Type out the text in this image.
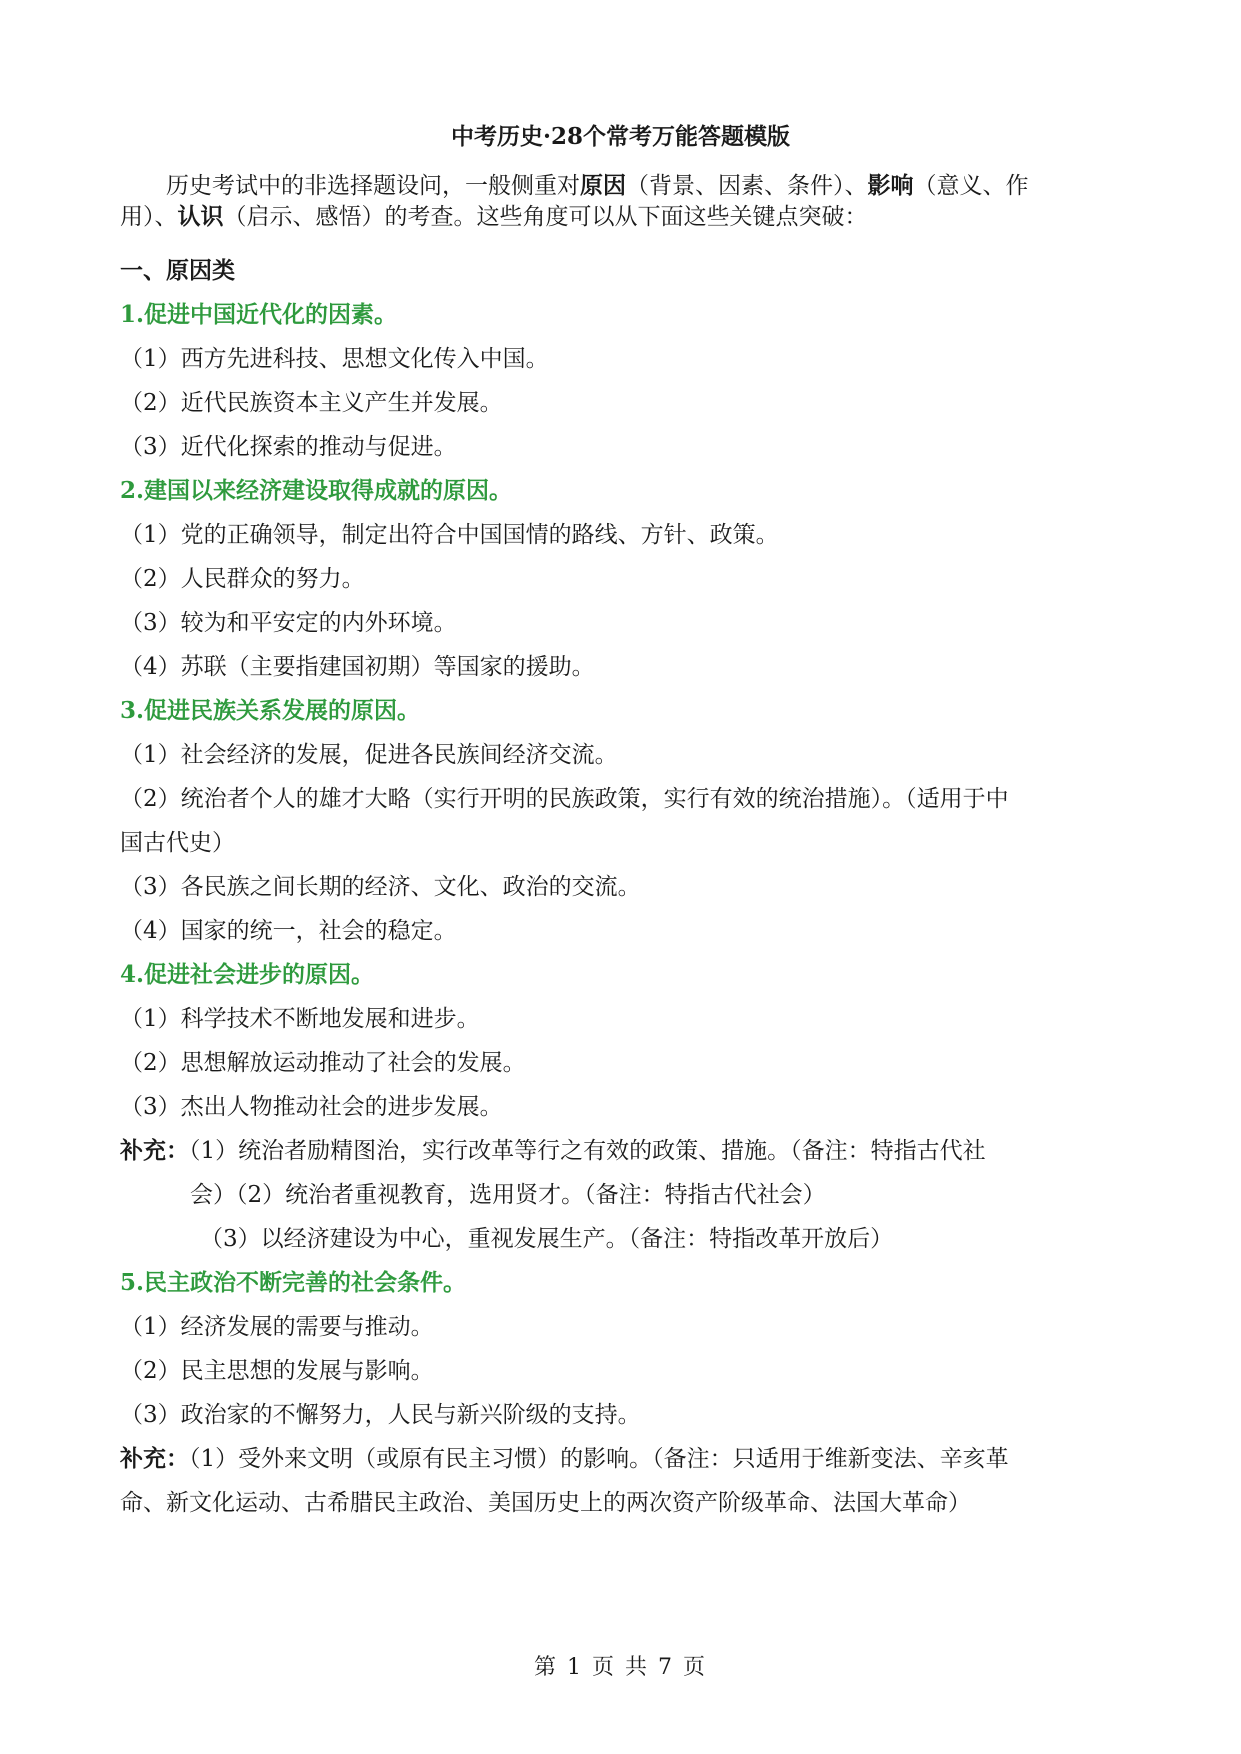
中考历史·28个常考万能答题模版
历史考试中的非选择题设问，一般侧重对原因（背景、因素、条件）、影响（意义、作
用）、认识（启示、感悟）的考查。这些角度可以从下面这些关键点突破：
一、原因类
1.促进中国近代化的因素。
（1）西方先进科技、思想文化传入中国。
（2）近代民族资本主义产生并发展。
（3）近代化探索的推动与促进。
2.建国以来经济建设取得成就的原因。
（1）党的正确领导，制定出符合中国国情的路线、方针、政策。
（2）人民群众的努力。
（3）较为和平安定的内外环境。
（4）苏联（主要指建国初期）等国家的援助。
3.促进民族关系发展的原因。
（1）社会经济的发展，促进各民族间经济交流。
（2）统治者个人的雄才大略（实行开明的民族政策，实行有效的统治措施）。（适用于中
国古代史）
（3）各民族之间长期的经济、文化、政治的交流。
（4）国家的统一，社会的稳定。
4.促进社会进步的原因。
（1）科学技术不断地发展和进步。
（2）思想解放运动推动了社会的发展。
（3）杰出人物推动社会的进步发展。
补充：（1）统治者励精图治，实行改革等行之有效的政策、措施。（备注：特指古代社
会）（2）统治者重视教育，选用贤才。（备注：特指古代社会）
（3）以经济建设为中心，重视发展生产。（备注：特指改革开放后）
5.民主政治不断完善的社会条件。
（1）经济发展的需要与推动。
（2）民主思想的发展与影响。
（3）政治家的不懈努力，人民与新兴阶级的支持。
补充：（1）受外来文明（或原有民主习惯）的影响。（备注：只适用于维新变法、辛亥革
命、新文化运动、古希腊民主政治、美国历史上的两次资产阶级革命、法国大革命）
第 1 页 共 7 页
